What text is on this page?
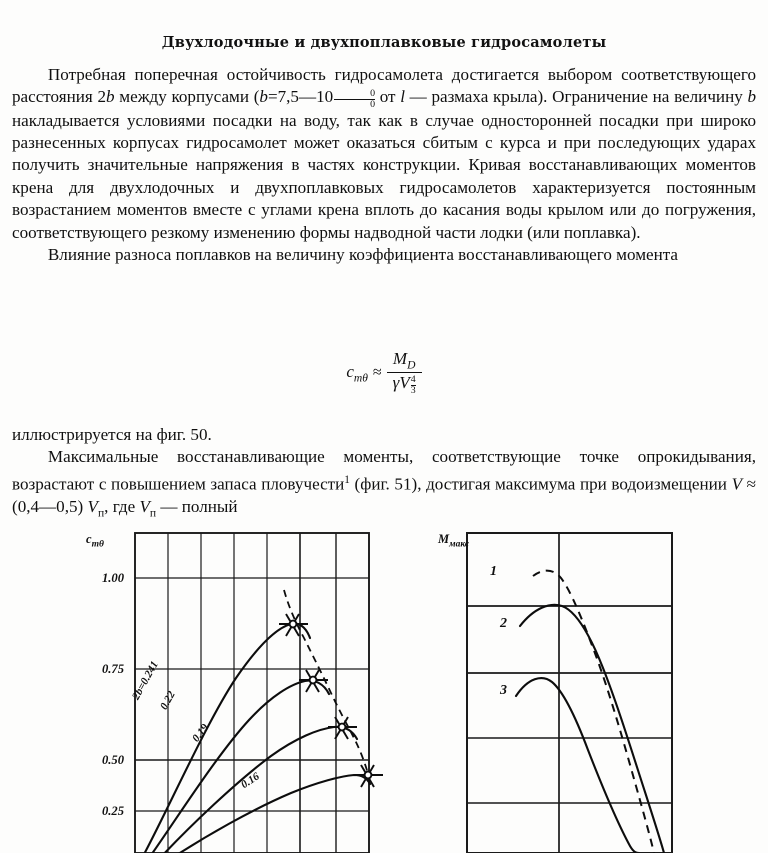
Двухлодочные и двухпоплавковые гидросамолеты

Потребная поперечная остойчивость гидросамолета достигается выбором соответствующего расстояния 2b между корпусами (b=7,5—10 $\frac{0}{0}$ от l — размаха крыла). Ограничение на величину b накладывается условиями посадки на воду, так как в случае односторонней посадки при широко разнесенных корпусах гидросамолет может оказаться сбитым с курса и при последующих ударах получить значительные напряжения в частях конструкции. Кривая восстанавливающих моментов крена для двухлодочных и двухпоплавковых гидросамолетов характеризуется постоянным возрастанием моментов вместе с углами крена вплоть до касания воды крылом или до погружения, соответствующего резкому изменению формы надводной части лодки (или поплавка).

Влияние разноса поплавков на величину коэффициента восстанавливающего момента

$c_{m\theta} \approx \frac{M_D}{\gamma V \frac{4}{3}}$

иллюстрируется на фиг. 50.

Максимальные восстанавливающие моменты, соответствующие точке опрокидывания, возрастают с повышением запаса пловучести$^1$ (фиг. 51), достигая максимума при водоизмещении V ≈ (0,4—0,5) $V_п$, где $V_п$ — полный

$c_{m\theta}$
1.00
0.75
0.50
0.25
2b=0.241
0.22
0.19
0.16
$M_{макс}$
1
2
3
